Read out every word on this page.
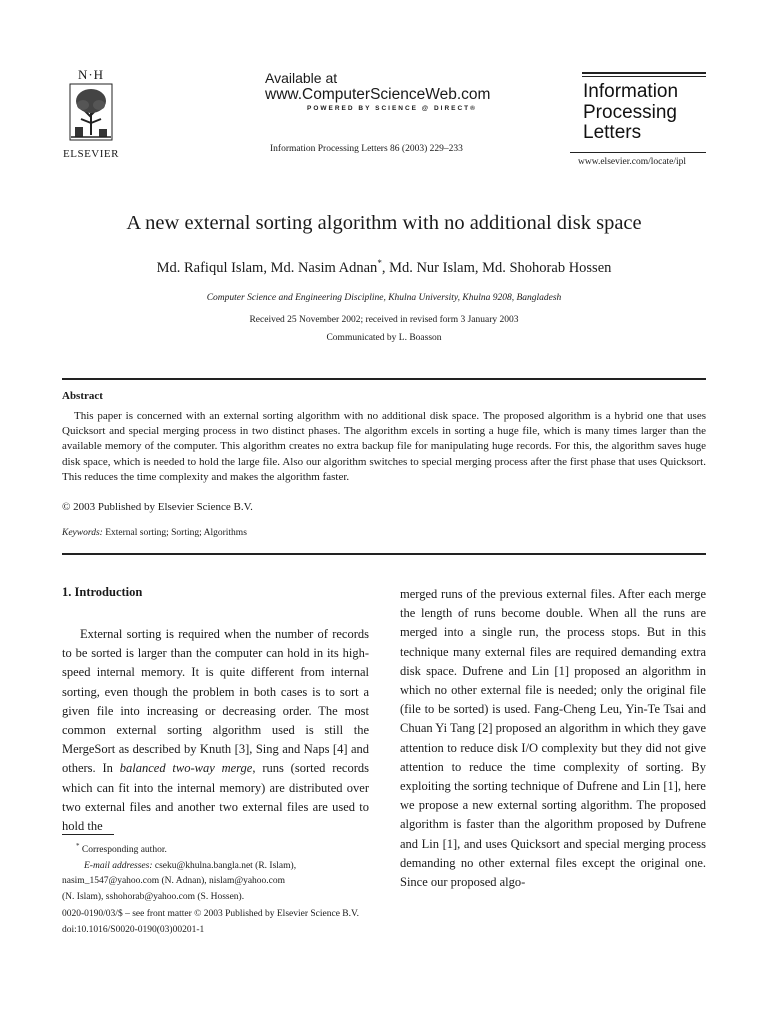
N·H
ELSEVIER
Available at
www.ComputerScienceWeb.com
POWERED BY SCIENCE @ DIRECT®
Information Processing Letters 86 (2003) 229–233
Information
Processing
Letters
www.elsevier.com/locate/ipl
A new external sorting algorithm with no additional disk space
Md. Rafiqul Islam, Md. Nasim Adnan*, Md. Nur Islam, Md. Shohorab Hossen
Computer Science and Engineering Discipline, Khulna University, Khulna 9208, Bangladesh
Received 25 November 2002; received in revised form 3 January 2003
Communicated by L. Boasson
Abstract
This paper is concerned with an external sorting algorithm with no additional disk space. The proposed algorithm is a hybrid one that uses Quicksort and special merging process in two distinct phases. The algorithm excels in sorting a huge file, which is many times larger than the available memory of the computer. This algorithm creates no extra backup file for manipulating huge records. For this, the algorithm saves huge disk space, which is needed to hold the large file. Also our algorithm switches to special merging process after the first phase that uses Quicksort. This reduces the time complexity and makes the algorithm faster.
© 2003 Published by Elsevier Science B.V.
Keywords: External sorting; Sorting; Algorithms
1. Introduction
External sorting is required when the number of records to be sorted is larger than the computer can hold in its high-speed internal memory. It is quite different from internal sorting, even though the problem in both cases is to sort a given file into increasing or decreasing order. The most common external sorting algorithm used is still the MergeSort as described by Knuth [3], Sing and Naps [4] and others. In balanced two-way merge, runs (sorted records which can fit into the internal memory) are distributed over two external files and another two external files are used to hold the
merged runs of the previous external files. After each merge the length of runs become double. When all the runs are merged into a single run, the process stops. But in this technique many external files are required demanding extra disk space. Dufrene and Lin [1] proposed an algorithm in which no other external file is needed; only the original file (file to be sorted) is used. Fang-Cheng Leu, Yin-Te Tsai and Chuan Yi Tang [2] proposed an algorithm in which they gave attention to reduce disk I/O complexity but they did not give attention to reduce the time complexity of sorting. By exploiting the sorting technique of Dufrene and Lin [1], here we propose a new external sorting algorithm. The proposed algorithm is faster than the algorithm proposed by Dufrene and Lin [1], and uses Quicksort and special merging process demanding no other external files except the original one. Since our proposed algo-
* Corresponding author.
E-mail addresses: cseku@khulna.bangla.net (R. Islam),
nasim_1547@yahoo.com (N. Adnan), nislam@yahoo.com
(N. Islam), sshohorab@yahoo.com (S. Hossen).
0020-0190/03/$ – see front matter © 2003 Published by Elsevier Science B.V.
doi:10.1016/S0020-0190(03)00201-1
